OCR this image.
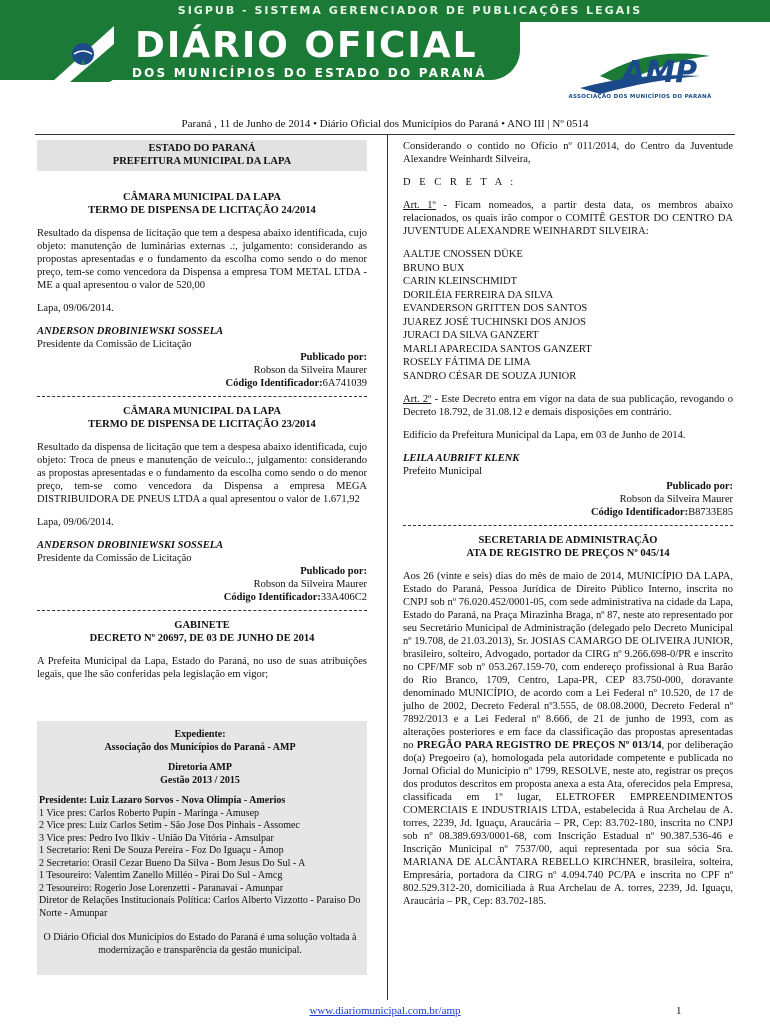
SIGPUB - SISTEMA GERENCIADOR DE PUBLICAÇÕES LEGAIS
DIÁRIO OFICIAL
DOS MUNICÍPIOS DO ESTADO DO PARANÁ	AMP
ASSOCIAÇÃO DOS MUNICÍPIOS DO PARANÁ
Paraná , 11 de Junho de 2014 • Diário Oficial dos Municípios do Paraná • ANO III | Nº 0514
ESTADO DO PARANÁ
PREFEITURA MUNICIPAL DA LAPA
CÂMARA MUNICIPAL DA LAPA
TERMO DE DISPENSA DE LICITAÇÃO 24/2014
Resultado da dispensa de licitação que tem a despesa abaixo identificada, cujo objeto: manutenção de luminárias externas .:, julgamento: considerando as propostas apresentadas e o fundamento da escolha como sendo o do menor preço, tem-se como vencedora da Dispensa a empresa TOM METAL LTDA - ME a qual apresentou o valor de 520,00
Lapa, 09/06/2014.
ANDERSON DROBINIEWSKI SOSSELA
Presidente da Comissão de Licitação
Publicado por:
Robson da Silveira Maurer
Código Identificador:6A741039
CÂMARA MUNICIPAL DA LAPA
TERMO DE DISPENSA DE LICITAÇÃO 23/2014
Resultado da dispensa de licitação que tem a despesa abaixo identificada, cujo objeto: Troca de pneus e manutenção de veículo.:, julgamento: considerando as propostas apresentadas e o fundamento da escolha como sendo o do menor preço, tem-se como vencedora da Dispensa a empresa MEGA DISTRIBUIDORA DE PNEUS LTDA a qual apresentou o valor de 1.671,92
Lapa, 09/06/2014.
ANDERSON DROBINIEWSKI SOSSELA
Presidente da Comissão de Licitação
Publicado por:
Robson da Silveira Maurer
Código Identificador:33A406C2
GABINETE
DECRETO Nº 20697, DE 03 DE JUNHO DE 2014
A Prefeita Municipal da Lapa, Estado do Paraná, no uso de suas atribuições legais, que lhe são conferidas pela legislação em vigor;
Expediente:
Associação dos Municípios do Paraná - AMP
Diretoria AMP
Gestão 2013 / 2015
Presidente: Luiz Lazaro Sorvos - Nova Olimpia - Amerios
1 Vice pres: Carlos Roberto Pupin - Maringa - Amusep
2 Vice pres: Luiz Carlos Setim - São Jose Dos Pinhais - Assomec
3 Vice pres: Pedro Ivo Ilkiv - União Da Vitória - Amsulpar
1 Secretario: Reni De Souza Pereira - Foz Do Iguaçu - Amop
2 Secretario: Orasil Cezar Bueno Da Silva - Bom Jesus Do Sul - A
1 Tesoureiro: Valentim Zanello Milléo - Pirai Do Sul - Amcg
2 Tesoureiro: Rogerio Jose Lorenzetti - Paranavaí - Amunpar
Diretor de Relações Institucionais Política: Carlos Alberto Vizzotto - Paraiso Do Norte - Amunpar
O Diário Oficial dos Municípios do Estado do Paraná é uma solução voltada à modernização e transparência da gestão municipal.
Considerando o contido no Ofício nº 011/2014, do Centro da Juventude Alexandre Weinhardt Silveira,
D E C R E T A :
Art. 1º - Ficam nomeados, a partir desta data, os membros abaixo relacionados, os quais irão compor o COMITÊ GESTOR DO CENTRO DA JUVENTUDE ALEXANDRE WEINHARDT SILVEIRA:
AALTJE CNOSSEN DÜKE
BRUNO BUX
CARIN KLEINSCHMIDT
DORILÉIA FERREIRA DA SILVA
EVANDERSON GRITTEN DOS SANTOS
JUAREZ JOSÉ TUCHINSKI DOS ANJOS
JURACI DA SILVA GANZERT
MARLI APARECIDA SANTOS GANZERT
ROSELY FÁTIMA DE LIMA
SANDRO CÉSAR DE SOUZA JUNIOR
Art. 2º - Este Decreto entra em vigor na data de sua publicação, revogando o Decreto 18.792, de 31.08.12 e demais disposições em contrário.
Edifício da Prefeitura Municipal da Lapa, em 03 de Junho de 2014.
LEILA AUBRIFT KLENK
Prefeito Municipal
Publicado por:
Robson da Silveira Maurer
Código Identificador:B8733E85
SECRETARIA DE ADMINISTRAÇÃO
ATA DE REGISTRO DE PREÇOS Nº 045/14
Aos 26 (vinte e seis) dias do mês de maio de 2014, MUNICÍPIO DA LAPA, Estado do Paraná, Pessoa Jurídica de Direito Público Interno, inscrita no CNPJ sob nº 76.020.452/0001-05, com sede administrativa na cidade da Lapa, Estado do Paraná, na Praça Mirazinha Braga, nº 87, neste ato representado por seu Secretário Municipal de Administração (delegado pelo Decreto Municipal nº 19.708, de 21.03.2013), Sr. JOSIAS CAMARGO DE OLIVEIRA JUNIOR, brasileiro, solteiro, Advogado, portador da CIRG nº 9.266.698-0/PR e inscrito no CPF/MF sob nº 053.267.159-70, com endereço profissional à Rua Barão do Rio Branco, 1709, Centro, Lapa-PR, CEP 83.750-000, doravante denominado MUNICÍPIO, de acordo com a Lei Federal nº 10.520, de 17 de julho de 2002, Decreto Federal nº3.555, de 08.08.2000, Decreto Federal nº 7892/2013 e a Lei Federal nº 8.666, de 21 de junho de 1993, com as alterações posteriores e em face da classificação das propostas apresentadas no PREGÃO PARA REGISTRO DE PREÇOS Nº 013/14, por deliberação do(a) Pregoeiro (a), homologada pela autoridade competente e publicada no Jornal Oficial do Município nº 1799, RESOLVE, neste ato, registrar os preços dos produtos descritos em proposta anexa a esta Ata, oferecidos pela Empresa, classificada em 1º lugar, ELETROFER EMPREENDIMENTOS COMERCIAIS E INDUSTRIAIS LTDA, estabelecida à Rua Archelau de A. torres, 2239, Jd. Iguaçu, Araucária – PR, Cep: 83.702-180, inscrita no CNPJ sob nº 08.389.693/0001-68, com Inscrição Estadual nº 90.387.536-46 e Inscrição Municipal nº 7537/00, aqui representada por sua sócia Sra. MARIANA DE ALCÂNTARA REBELLO KIRCHNER, brasileira, solteira, Empresária, portadora da CIRG nº 4.094.740 PC/PA e inscrita no CPF nº 802.529.312-20, domiciliada à Rua Archelau de A. torres, 2239, Jd. Iguaçu, Araucária – PR, Cep: 83.702-185.
www.diariomunicipal.com.br/amp	1
